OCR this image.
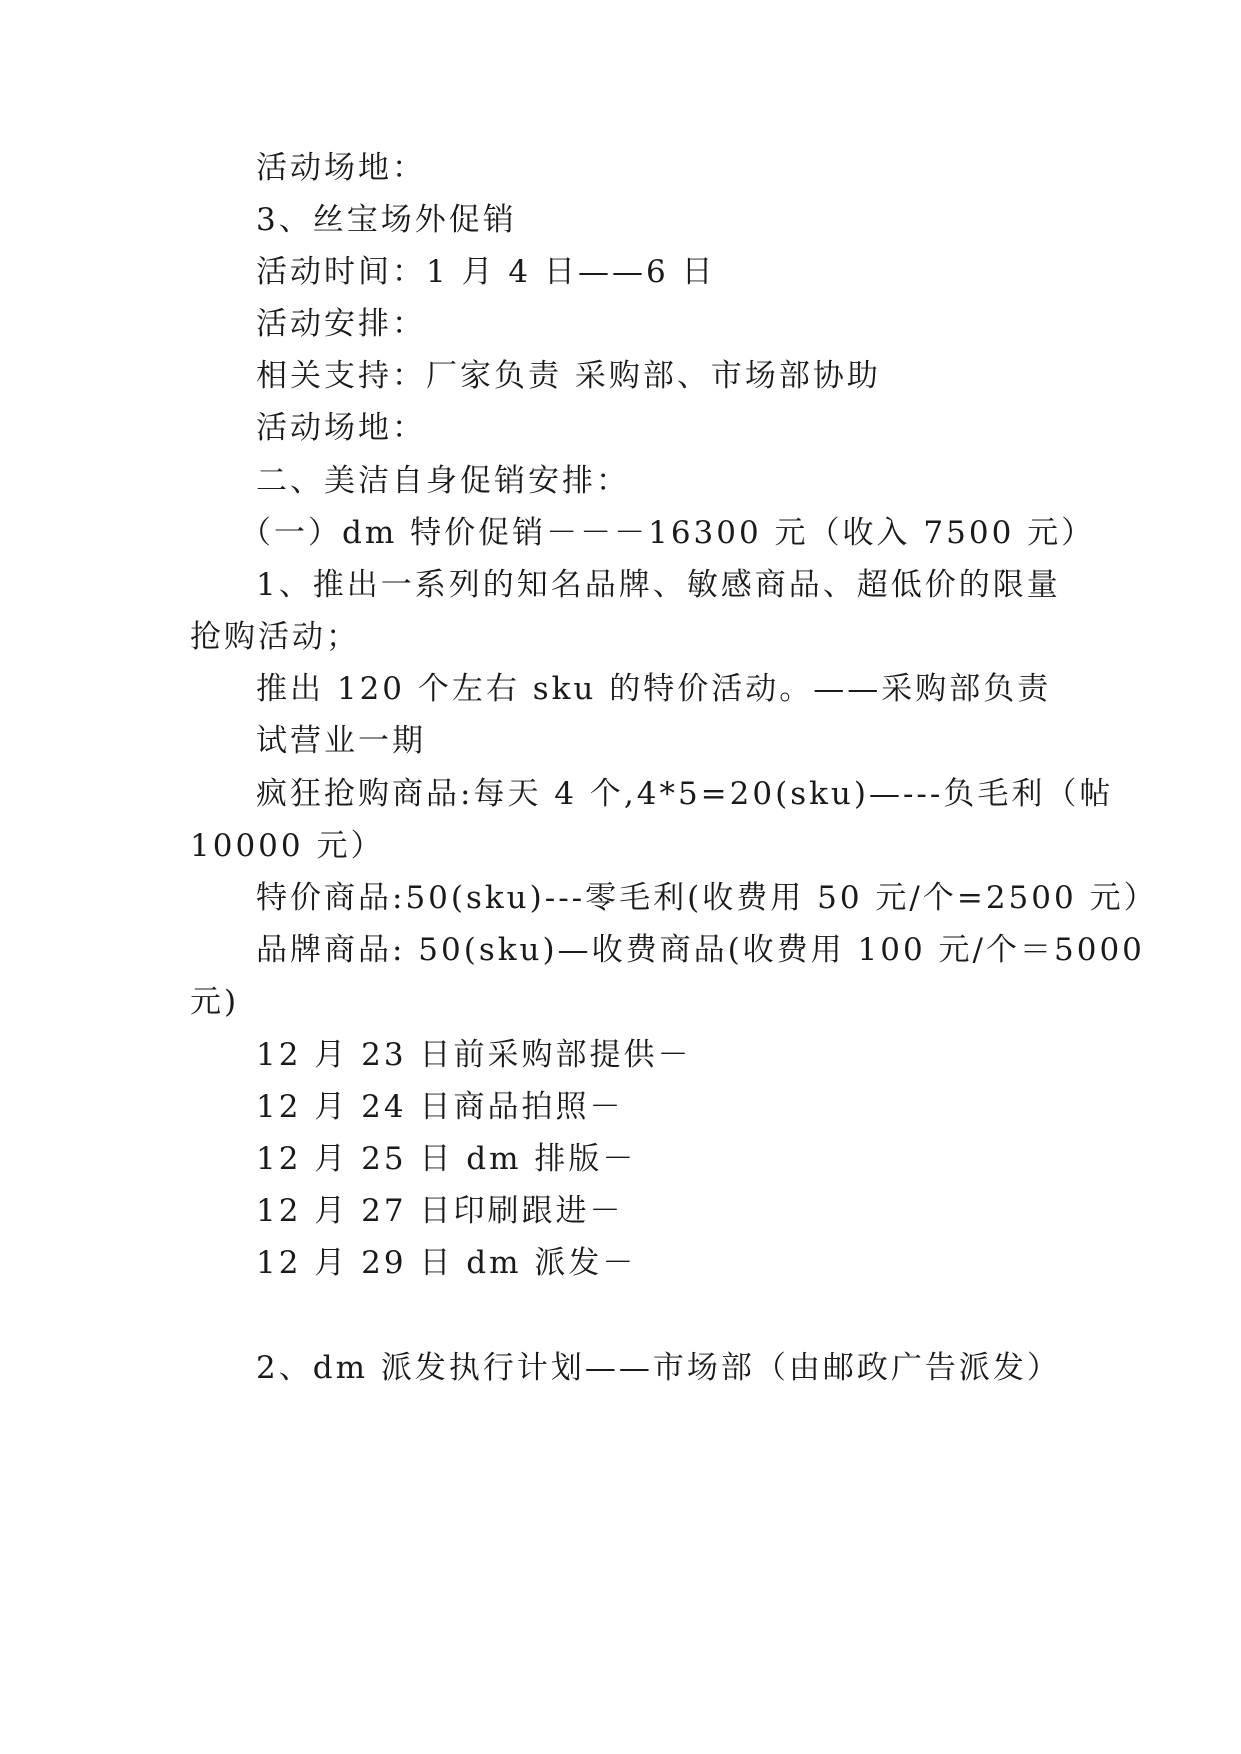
活动场地：
3、丝宝场外促销
活动时间：1 月 4 日——6 日
活动安排：
相关支持：厂家负责 采购部、市场部协助
活动场地：
二、美洁自身促销安排：
（一）dm 特价促销－－－16300 元（收入 7500 元）
1、推出一系列的知名品牌、敏感商品、超低价的限量
抢购活动；
推出 120 个左右 sku 的特价活动。——采购部负责
试营业一期
疯狂抢购商品:每天 4 个,4*5=20(sku)—---负毛利（帖
10000 元）
特价商品:50(sku)---零毛利(收费用 50 元/个=2500 元）
品牌商品: 50(sku)—收费商品(收费用 100 元/个＝5000
元)
12 月 23 日前采购部提供－
12 月 24 日商品拍照－
12 月 25 日 dm 排版－
12 月 27 日印刷跟进－
12 月 29 日 dm 派发－
2、dm 派发执行计划——市场部（由邮政广告派发）
